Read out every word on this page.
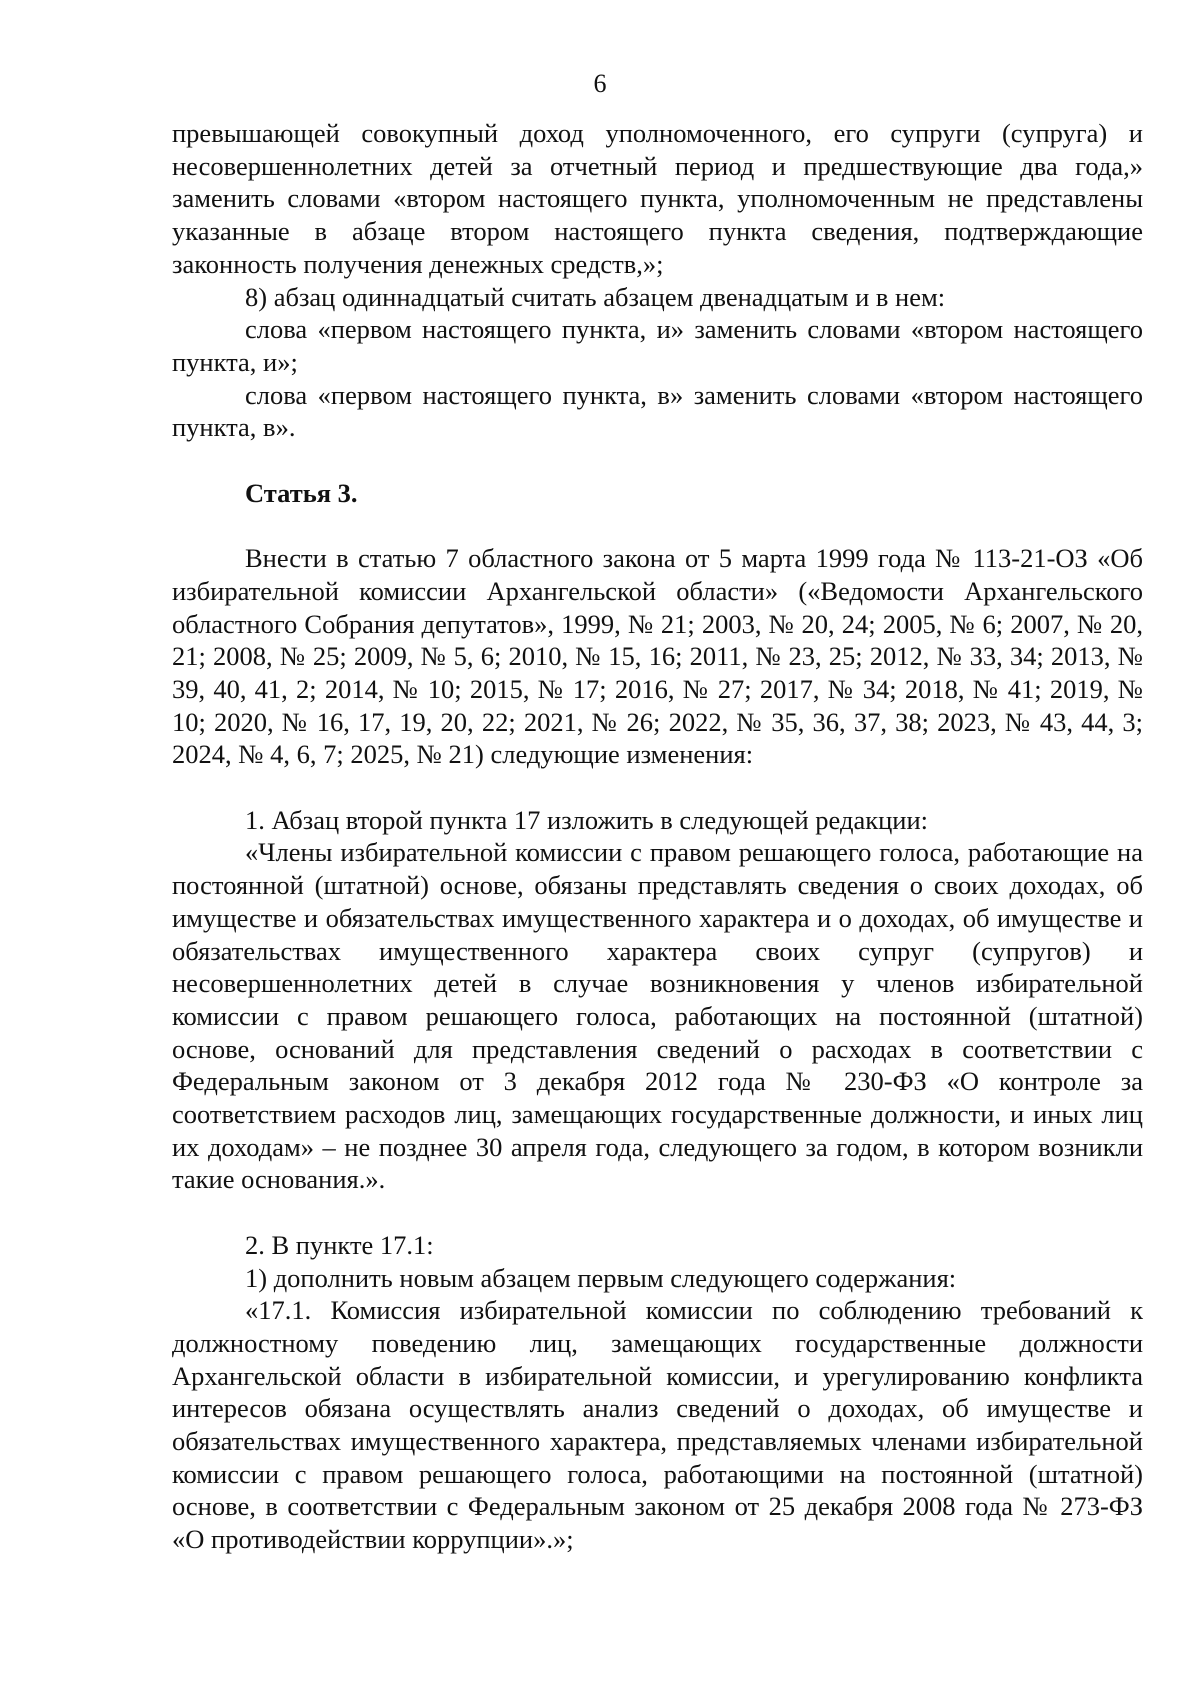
6

превышающей совокупный доход уполномоченного, его супруги (супруга) и несовершеннолетних детей за отчетный период и предшествующие два года,» заменить словами «втором настоящего пункта, уполномоченным не представлены указанные в абзаце втором настоящего пункта сведения, подтверждающие законность получения денежных средств,»;

8) абзац одиннадцатый считать абзацем двенадцатым и в нем:

слова «первом настоящего пункта, и» заменить словами «втором настоящего пункта, и»;

слова «первом настоящего пункта, в» заменить словами «втором настоящего пункта, в».

Статья 3.

Внести в статью 7 областного закона от 5 марта 1999 года № 113-21-ОЗ «Об избирательной комиссии Архангельской области» («Ведомости Архангельского областного Собрания депутатов», 1999, № 21; 2003, № 20, 24; 2005, № 6; 2007, № 20, 21; 2008, № 25; 2009, № 5, 6; 2010, № 15, 16; 2011, № 23, 25; 2012, № 33, 34; 2013, № 39, 40, 41, 2; 2014, № 10; 2015, № 17; 2016, № 27; 2017, № 34; 2018, № 41; 2019, № 10; 2020, № 16, 17, 19, 20, 22; 2021, № 26; 2022, № 35, 36, 37, 38; 2023, № 43, 44, 3; 2024, № 4, 6, 7; 2025, № 21) следующие изменения:

1. Абзац второй пункта 17 изложить в следующей редакции:

«Члены избирательной комиссии с правом решающего голоса, работающие на постоянной (штатной) основе, обязаны представлять сведения о своих доходах, об имуществе и обязательствах имущественного характера и о доходах, об имуществе и обязательствах имущественного характера своих супруг (супругов) и несовершеннолетних детей в случае возникновения у членов избирательной комиссии с правом решающего голоса, работающих на постоянной (штатной) основе, оснований для представления сведений о расходах в соответствии с Федеральным законом от 3 декабря 2012 года № 230-ФЗ «О контроле за соответствием расходов лиц, замещающих государственные должности, и иных лиц их доходам» – не позднее 30 апреля года, следующего за годом, в котором возникли такие основания.».

2. В пункте 17.1:

1) дополнить новым абзацем первым следующего содержания:

«17.1. Комиссия избирательной комиссии по соблюдению требований к должностному поведению лиц, замещающих государственные должности Архангельской области в избирательной комиссии, и урегулированию конфликта интересов обязана осуществлять анализ сведений о доходах, об имуществе и обязательствах имущественного характера, представляемых членами избирательной комиссии с правом решающего голоса, работающими на постоянной (штатной) основе, в соответствии с Федеральным законом от 25 декабря 2008 года № 273-ФЗ «О противодействии коррупции».»;
